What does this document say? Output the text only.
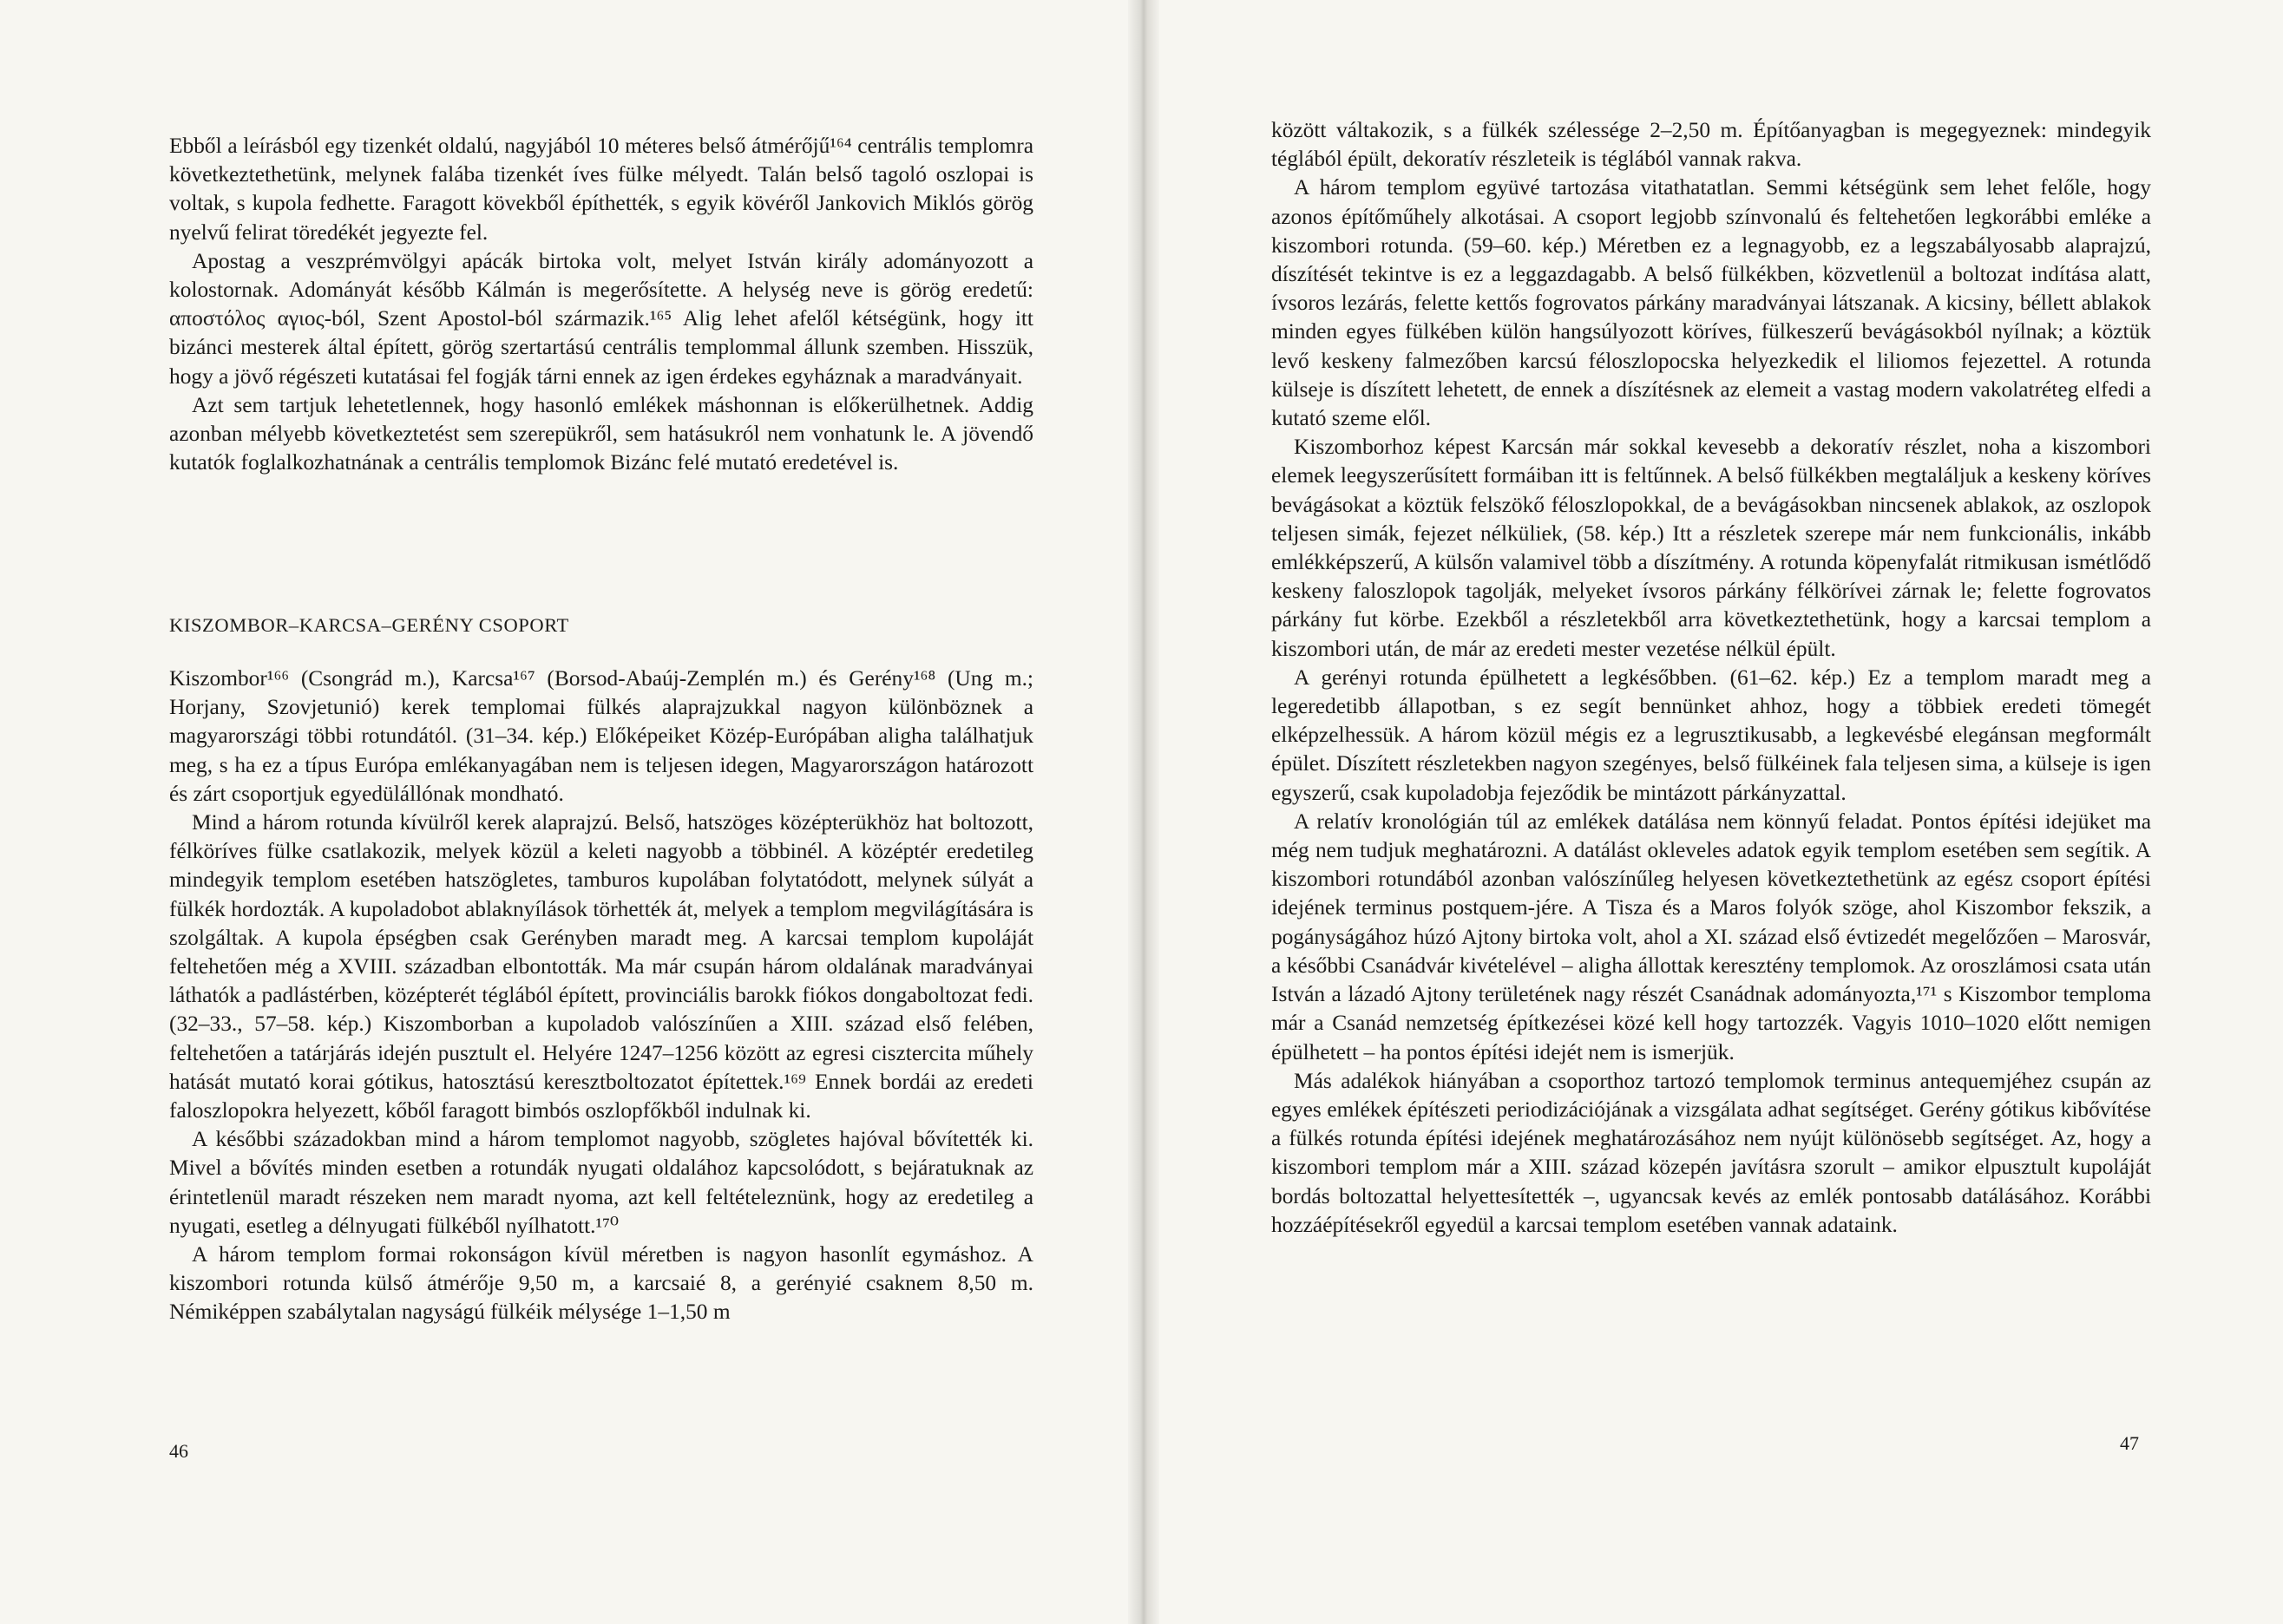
Ebből a leírásból egy tizenkét oldalú, nagyjából 10 méteres belső átmérőjű¹⁶⁴ centrális templomra következtethetünk, melynek falába tizenkét íves fülke mélyedt. Talán belső tagoló oszlopai is voltak, s kupola fedhette. Faragott kövekből építhették, s egyik kövéről Jankovich Miklós görög nyelvű felirat töredékét jegyezte fel.

Apostag a veszprémvölgyi apácák birtoka volt, melyet István király adományozott a kolostornak. Adományát később Kálmán is megerősítette. A helység neve is görög eredetű: αποστόλος αγιος-ból, Szent Apostol-ból származik.¹⁶⁵ Alig lehet afelől kétségünk, hogy itt bizánci mesterek által épített, görög szertartású centrális templommal állunk szemben. Hisszük, hogy a jövő régészeti kutatásai fel fogják tárni ennek az igen érdekes egyháznak a maradványait.

Azt sem tartjuk lehetetlennek, hogy hasonló emlékek máshonnan is előkerülhetnek. Addig azonban mélyebb következtetést sem szerepükről, sem hatásukról nem vonhatunk le. A jövendő kutatók foglalkozhatnának a centrális templomok Bizánc felé mutató eredetével is.

KISZOMBOR–KARCSA–GERÉNY CSOPORT

Kiszombor¹⁶⁶ (Csongrád m.), Karcsa¹⁶⁷ (Borsod-Abaúj-Zemplén m.) és Gerény¹⁶⁸ (Ung m.; Horjany, Szovjetunió) kerek templomai fülkés alaprajzukkal nagyon különböznek a magyarországi többi rotundától. (31–34. kép.) Előképeiket Közép-Európában aligha találhatjuk meg, s ha ez a típus Európa emlékanyagában nem is teljesen idegen, Magyarországon határozott és zárt csoportjuk egyedülállónak mondható.

Mind a három rotunda kívülről kerek alaprajzú. Belső, hatszöges középterükhöz hat boltozott, félköríves fülke csatlakozik, melyek közül a keleti nagyobb a többinél. A középtér eredetileg mindegyik templom esetében hatszögletes, tamburos kupolában folytatódott, melynek súlyát a fülkék hordozták. A kupoladobot ablaknyílások törhették át, melyek a templom megvilágítására is szolgáltak. A kupola épségben csak Gerényben maradt meg. A karcsai templom kupoláját feltehetően még a XVIII. században elbontották. Ma már csupán három oldalának maradványai láthatók a padlástérben, középterét téglából épített, provinciális barokk fiókos dongaboltozat fedi. (32–33., 57–58. kép.) Kiszomborban a kupoladob valószínűen a XIII. század első felében, feltehetően a tatárjárás idején pusztult el. Helyére 1247–1256 között az egresi cisztercita műhely hatását mutató korai gótikus, hatosztású keresztboltozatot építettek.¹⁶⁹ Ennek bordái az eredeti faloszlopokra helyezett, kőből faragott bimbós oszlopfőkből indulnak ki.

A későbbi századokban mind a három templomot nagyobb, szögletes hajóval bővítették ki. Mivel a bővítés minden esetben a rotundák nyugati oldalához kapcsolódott, s bejáratuknak az érintetlenül maradt részeken nem maradt nyoma, azt kell feltételeznünk, hogy az eredetileg a nyugati, esetleg a délnyugati fülkéből nyílhatott.¹⁷⁰

A három templom formai rokonságon kívül méretben is nagyon hasonlít egymáshoz. A kiszombori rotunda külső átmérője 9,50 m, a karcsaié 8, a gerényié csaknem 8,50 m. Némiképpen szabálytalan nagyságú fülkéik mélysége 1–1,50 m

46

között váltakozik, s a fülkék szélessége 2–2,50 m. Építőanyagban is megegyeznek: mindegyik téglából épült, dekoratív részleteik is téglából vannak rakva.

A három templom együvé tartozása vitathatatlan. Semmi kétségünk sem lehet felőle, hogy azonos építőműhely alkotásai. A csoport legjobb színvonalú és feltehetően legkorábbi emléke a kiszombori rotunda. (59–60. kép.) Méretben ez a legnagyobb, ez a legszabályosabb alaprajzú, díszítését tekintve is ez a leggazdagabb. A belső fülkékben, közvetlenül a boltozat indítása alatt, ívsoros lezárás, felette kettős fogrovatos párkány maradványai látszanak. A kicsiny, béllett ablakok minden egyes fülkében külön hangsúlyozott köríves, fülkeszerű bevágásokból nyílnak; a köztük levő keskeny falmezőben karcsú féloszlopocska helyezkedik el liliomos fejezettel. A rotunda külseje is díszített lehetett, de ennek a díszítésnek az elemeit a vastag modern vakolatréteg elfedi a kutató szeme elől.

Kiszomborhoz képest Karcsán már sokkal kevesebb a dekoratív részlet, noha a kiszombori elemek leegyszerűsített formáiban itt is feltűnnek. A belső fülkékben megtaláljuk a keskeny köríves bevágásokat a köztük felszökő féloszlopokkal, de a bevágásokban nincsenek ablakok, az oszlopok teljesen simák, fejezet nélküliek, (58. kép.) Itt a részletek szerepe már nem funkcionális, inkább emlékképszerű, A külsőn valamivel több a díszítmény. A rotunda köpenyfalát ritmikusan ismétlődő keskeny faloszlopok tagolják, melyeket ívsoros párkány félkörívei zárnak le; felette fogrovatos párkány fut körbe. Ezekből a részletekből arra következtethetünk, hogy a karcsai templom a kiszombori után, de már az eredeti mester vezetése nélkül épült.

A gerényi rotunda épülhetett a legkésőbben. (61–62. kép.) Ez a templom maradt meg a legeredetibb állapotban, s ez segít bennünket ahhoz, hogy a többiek eredeti tömegét elképzelhessük. A három közül mégis ez a legrusztikusabb, a legkevésbé elegánsan megformált épület. Díszített részletekben nagyon szegényes, belső fülkéinek fala teljesen sima, a külseje is igen egyszerű, csak kupoladobja fejeződik be mintázott párkányzattal.

A relatív kronológián túl az emlékek datálása nem könnyű feladat. Pontos építési idejüket ma még nem tudjuk meghatározni. A datálást okleveles adatok egyik templom esetében sem segítik. A kiszombori rotundából azonban valószínűleg helyesen következtethetünk az egész csoport építési idejének terminus postquem-jére. A Tisza és a Maros folyók szöge, ahol Kiszombor fekszik, a pogányságához húzó Ajtony birtoka volt, ahol a XI. század első évtizedét megelőzően – Marosvár, a későbbi Csanádvár kivételével – aligha állottak keresztény templomok. Az oroszlámosi csata után István a lázadó Ajtony területének nagy részét Csanádnak adományozta,¹⁷¹ s Kiszombor temploma már a Csanád nemzetség építkezései közé kell hogy tartozzék. Vagyis 1010–1020 előtt nemigen épülhetett – ha pontos építési idejét nem is ismerjük.

Más adalékok hiányában a csoporthoz tartozó templomok terminus antequemjéhez csupán az egyes emlékek építészeti periodizációjának a vizsgálata adhat segítséget. Gerény gótikus kibővítése a fülkés rotunda építési idejének meghatározásához nem nyújt különösebb segítséget. Az, hogy a kiszombori templom már a XIII. század közepén javításra szorult – amikor elpusztult kupoláját bordás boltozattal helyettesítették –, ugyancsak kevés az emlék pontosabb datálásához. Korábbi hozzáépítésekről egyedül a karcsai templom esetében vannak adataink.

47
